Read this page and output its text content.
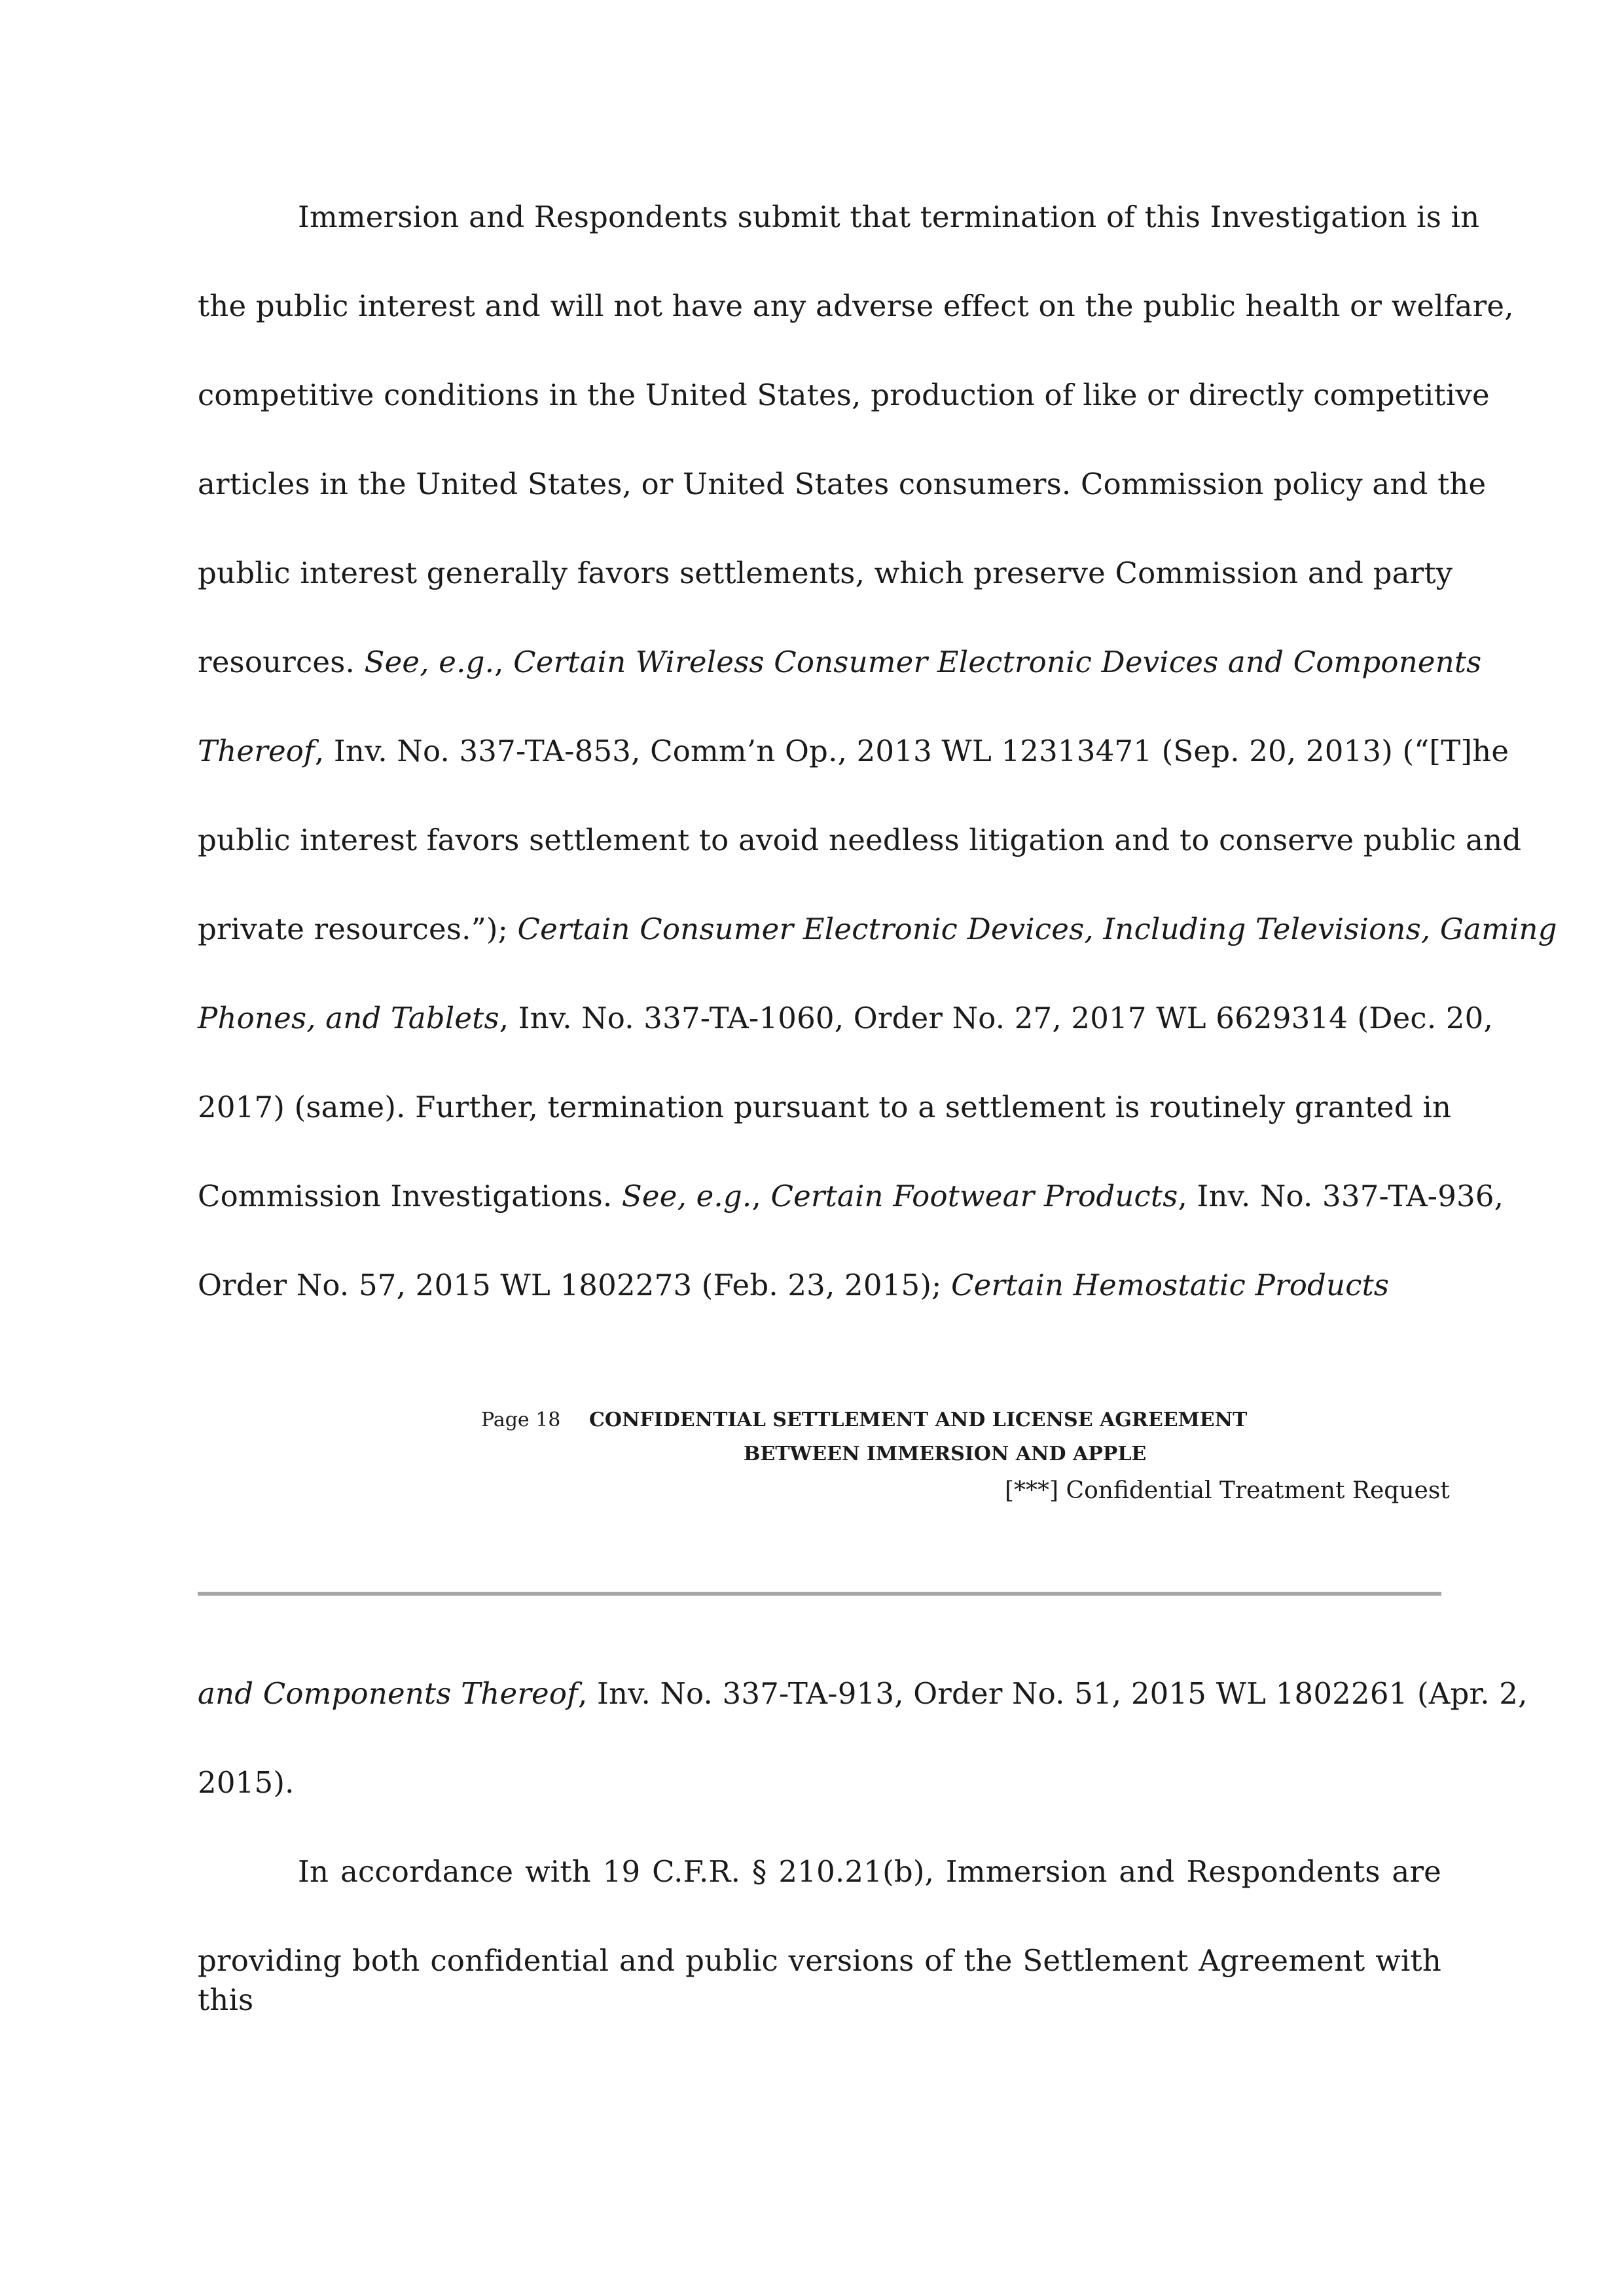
Immersion and Respondents submit that termination of this Investigation is in
the public interest and will not have any adverse effect on the public health or welfare,
competitive conditions in the United States, production of like or directly competitive
articles in the United States, or United States consumers. Commission policy and the
public interest generally favors settlements, which preserve Commission and party
resources. See, e.g., Certain Wireless Consumer Electronic Devices and Components
Thereof, Inv. No. 337-TA-853, Comm’n Op., 2013 WL 12313471 (Sep. 20, 2013) (“[T]he
public interest favors settlement to avoid needless litigation and to conserve public and
private resources.”); Certain Consumer Electronic Devices, Including Televisions, Gaming
Phones, and Tablets, Inv. No. 337-TA-1060, Order No. 27, 2017 WL 6629314 (Dec. 20,
2017) (same). Further, termination pursuant to a settlement is routinely granted in
Commission Investigations. See, e.g., Certain Footwear Products, Inv. No. 337-TA-936,
Order No. 57, 2015 WL 1802273 (Feb. 23, 2015); Certain Hemostatic Products
Page 18 CONFIDENTIAL SETTLEMENT AND LICENSE AGREEMENT
BETWEEN IMMERSION AND APPLE
[***] Confidential Treatment Request
and Components Thereof, Inv. No. 337-TA-913, Order No. 51, 2015 WL 1802261 (Apr. 2,
2015).
In accordance with 19 C.F.R. § 210.21(b), Immersion and Respondents are
providing both confidential and public versions of the Settlement Agreement with this
